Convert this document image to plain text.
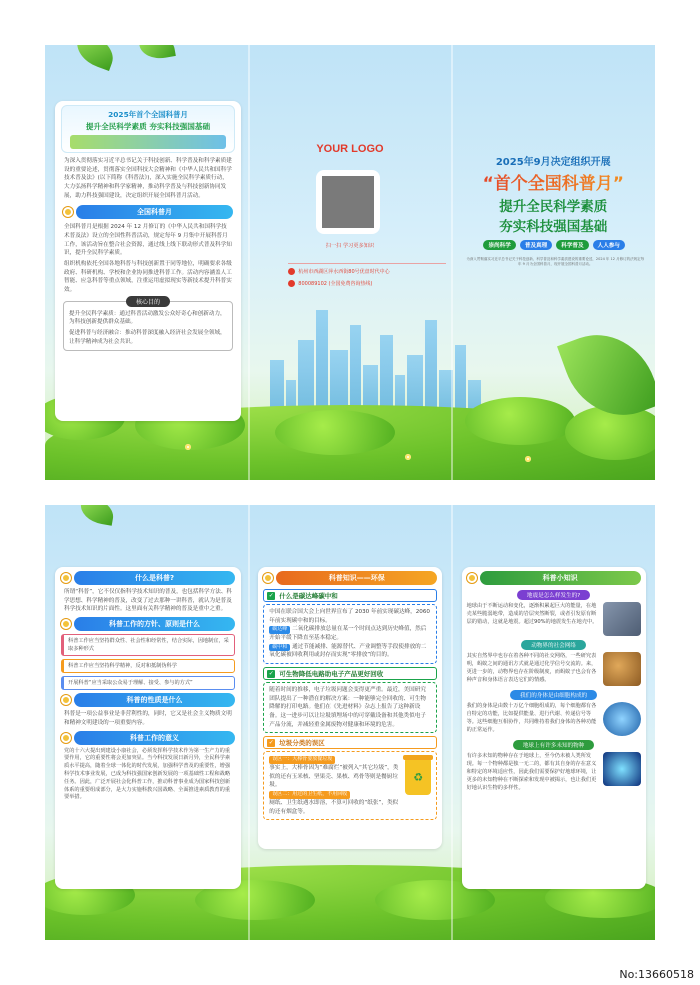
2025年首个全国科普月
提升全民科学素质 夯实科技强国基础
为深入贯彻落实习近平总书记关于科技创新、科学普及和科学素质建设的重要论述，贯彻落实全国科技大会精神和《中华人民共和国科学技术普及法》(以下简称《科普法》)，深入实施全民科学素质行动，大力弘扬科学精神和科学家精神，推动科学普及与科技创新协同发展，助力科技强国建设，决定组织开展全国科普月活动。
全国科普月
全国科普月是根据 2024 年 12 月修订的《中华人民共和国科学技术普及法》设立的全国性科普活动，规定每年 9 月集中开展科普月工作，该活动旨在整合社会资源，通过线上线下联动形式普及科学知识，提升全民科学素质。
组织机构依托全国各地科普与科技创新置于同等地位，明确要求各级政府、科研机构、学校和企业协同推进科普工作。活动内容涵盖人工智能、应急科普等重点领域，注重运用虚拟现实等新技术提升科普实效。
核心目的
提升全民科学素质：通过科普活动激发公众好奇心和创新动力，为科技创新提供群众基础。
促进科普与经济融合：推动科普深度融入经济社会发展全领域，让科学精神成为社会共识。
YOUR LOGO
扫一扫 学习更多知识
杭州市西湖区萍水西街80号优盘时代中心
800089102 (全国免费咨询热线)
2025年9月决定组织开展
“首个全国科普月”
提升全民科学素质
夯实科技强国基础
崇尚科学	普及真理	科学普及	人人参与
为深入贯彻落实习近平总书记关于科技创新、科学普及和科学素质建设的重要论述，2024 年 12 月修订的法规定每年 9 月为全国科普月，现开展全国科普月活动。
什么是科普?
所谓“科普”，它不仅仅指科学技术知识的普及，也包括科学方法、科学思想、科学精神的普及，改变了过去那种一讲科普，就认为是普及科学技术知识的片面性。这里面有关科学精神的普及是重中之重。
科普工作的方针、原则是什么
科普工作应当坚持群众性、社会性和经常性，结合实际，因地制宜，采取多种形式
科普工作应当坚持科学精神，反对和抵制伪科学
开展科普“应当采取公众易于理解、接受、参与的方式”
科普的性质是什么
科普是一项公益事业是非营利性的，同时，它又是社会主义物质文明和精神文明建设的一项重要内容。
科普工作的意义
党的十六大提出到建设小康社会，必须发挥科学技术作为第一生产力的重要作用，它的重要性将会更加突显。当今科技发展日新月异，全民科学素质水平提高，随着全球一体化的时代发展，加强科学普及的重要性，增强科学技术事业发展，已成为科技强国家创新发展的一项基础性工程和战略任务。因此，广泛开展社会化科普工作，推动科普事业成为国家科技创新体系的重要组成部分，是大力实施科教兴国战略、全面推进素质教育的重要举措。
科普知识——环保
✓ 什么是碳达峰碳中和
中国在联合国大会上向世界宣布了 2030 年前实现碳达峰，2060 年前实现碳中和的目标。
碳达峰 二氧化碳排放总量在某一个时间点达到历史峰值，然后开始平缓下降直至基本稳定。
碳中和 通过节能减排、能源替代、产业调整等手段使排放的二氧化碳被回收利用或封存而实现“零排放”的目的。
✓ 可生物降低电路助电子产品更好回收
随着时间的推移，电子垃圾问题会变得更严重。最近，美国研究团队提出了一种潜在的解决方案：一种能够完全回收的、可生物降解的打印电路。他们在《先进材料》杂志上报告了这种新设备。这一进步可以让垃圾填埋场中的可穿戴设备和其他类似电子产品分流，并减轻重金属废物对健康和环境的危害。
✓ 垃圾分类的误区
误区一：大棒骨要放餐垃圾
事实上，大棒骨因为“难腐烂”被列入“其它垃圾”，类似的还有玉米核、坚果壳、果核、鸡骨等则是餐厨垃圾。
误区二：用过的卫生纸，不用回收
厕纸、卫生纸遇水即溶，不算可回收的“纸张”，类似的还有烟盒等。
♻
科普小知识
地震是怎么样发生的?
地球由于不断运动和变化，逐渐积累起巨大的能量，在地壳某些脆弱地带，造成的岩层突然断裂，或者引发原有断层的错动，这就是地震。超过90%的地震发生在地壳中。
动物界的社会网络
其实自然界中也存在着各种不同的社交网络，一些研究表明，蚂蚁之间的通讯方式就是通过化学信号交流的。来，更进一步的，动物界也存在阶级制度，而蚂蚁子也会有各种声音和身体语言表达它们的情感。
我们的身体是由细胞构成的
我们的身体是由数十万亿个细胞组成的，每个细胞都有各自特定的功能，比如提供能量、进行代谢、传递信号等等。这些细胞互相协作，共同维持着我们身体的各种功能的正常运作。
地球上有许多未知的物种
有许多未知的物种存在于地球上，至今仍未被人类所发现。每一个物种都是独一无二的，都有其自身的存在意义和特定的环境适应性，因此我们需要保护好地球环境，让更多的未知物种在不断探索和发现中被揭示，也让我们更好地认识生物的多样性。
No:13660518
